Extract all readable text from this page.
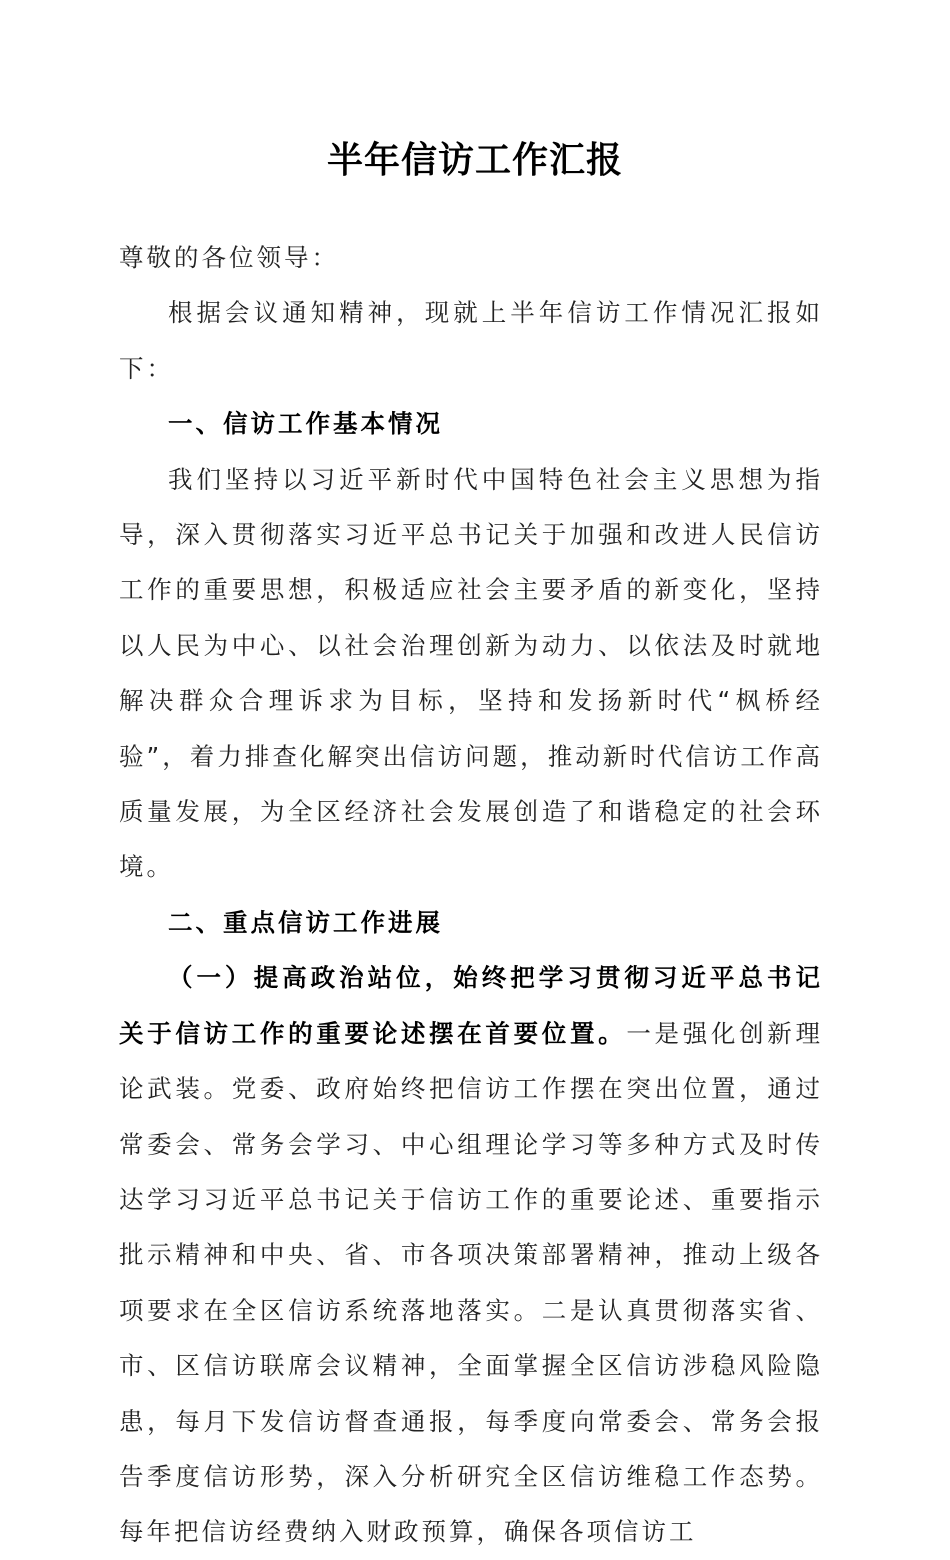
半年信访工作汇报

尊敬的各位领导：

根据会议通知精神，现就上半年信访工作情况汇报如下：

一、信访工作基本情况

我们坚持以习近平新时代中国特色社会主义思想为指导，深入贯彻落实习近平总书记关于加强和改进人民信访工作的重要思想，积极适应社会主要矛盾的新变化，坚持以人民为中心、以社会治理创新为动力、以依法及时就地解决群众合理诉求为目标，坚持和发扬新时代“枫桥经验”，着力排查化解突出信访问题，推动新时代信访工作高质量发展，为全区经济社会发展创造了和谐稳定的社会环境。

二、重点信访工作进展

（一）提高政治站位，始终把学习贯彻习近平总书记关于信访工作的重要论述摆在首要位置。一是强化创新理论武装。党委、政府始终把信访工作摆在突出位置，通过常委会、常务会学习、中心组理论学习等多种方式及时传达学习习近平总书记关于信访工作的重要论述、重要指示批示精神和中央、省、市各项决策部署精神，推动上级各项要求在全区信访系统落地落实。二是认真贯彻落实省、市、区信访联席会议精神，全面掌握全区信访涉稳风险隐患，每月下发信访督查通报，每季度向常委会、常务会报告季度信访形势，深入分析研究全区信访维稳工作态势。每年把信访经费纳入财政预算，确保各项信访工
